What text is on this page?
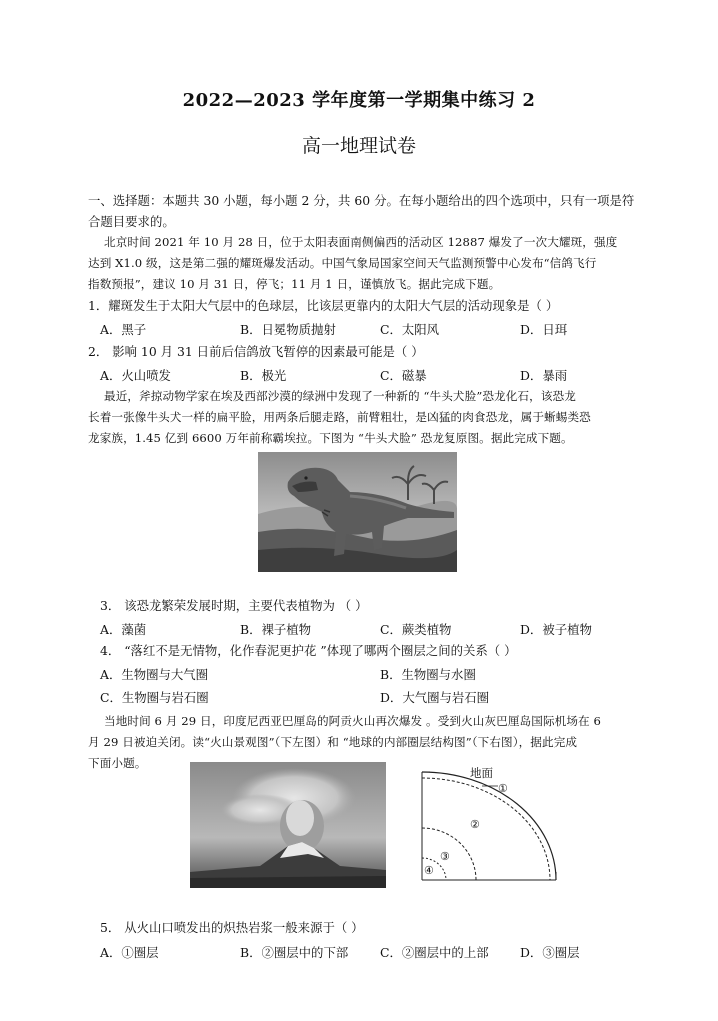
2022—2023 学年度第一学期集中练习 2
高一地理试卷
一、选择题：本题共 30 小题，每小题 2 分，共 60 分。在每小题给出的四个选项中，只有一项是符
合题目要求的。
北京时间 2021 年 10 月 28 日，位于太阳表面南侧偏西的活动区 12887 爆发了一次大耀斑，强度
达到 X1.0 级，这是第二强的耀斑爆发活动。中国气象局国家空间天气监测预警中心发布“信鸽飞行
指数预报”，建议 10 月 31 日，停飞；11 月 1 日，谨慎放飞。据此完成下题。
1．耀斑发生于太阳大气层中的色球层，比该层更靠内的太阳大气层的活动现象是（ ）
A．黑子	B．日冕物质抛射	C．太阳风	D．日珥
2． 影响 10 月 31 日前后信鸽放飞暂停的因素最可能是（ ）
A．火山喷发	B．极光	C．磁暴	D．暴雨
最近，斧掠动物学家在埃及西部沙漠的绿洲中发现了一种新的 “牛头犬脸”恐龙化石，该恐龙
长着一张像牛头犬一样的扁平脸，用两条后腿走路，前臂粗壮，是凶猛的肉食恐龙，属于蜥蜴类恐
龙家族，1.45 亿到 6600 万年前称霸埃拉。下图为 “牛头犬脸” 恐龙复原图。据此完成下题。
3． 该恐龙繁荣发展时期，主要代表植物为 （ ）
A．藻菌	B．裸子植物	C．蕨类植物	D．被子植物
4． “落红不是无情物，化作春泥更护花 ”体现了哪两个圈层之间的关系（ ）
A．生物圈与大气圈	B．生物圈与水圈
C．生物圈与岩石圈	D．大气圈与岩石圈
当地时间 6 月 29 日，印度尼西亚巴厘岛的阿贡火山再次爆发 。受到火山灰巴厘岛国际机场在 6
月 29 日被迫关闭。读“火山景观图”（下左图）和 “地球的内部圈层结构图”（下右图），据此完成
下面小题。
地面
①
②
③
④
5． 从火山口喷发出的炽热岩浆一般来源于（ ）
A．①圈层	B．②圈层中的下部	C．②圈层中的上部	D．③圈层
